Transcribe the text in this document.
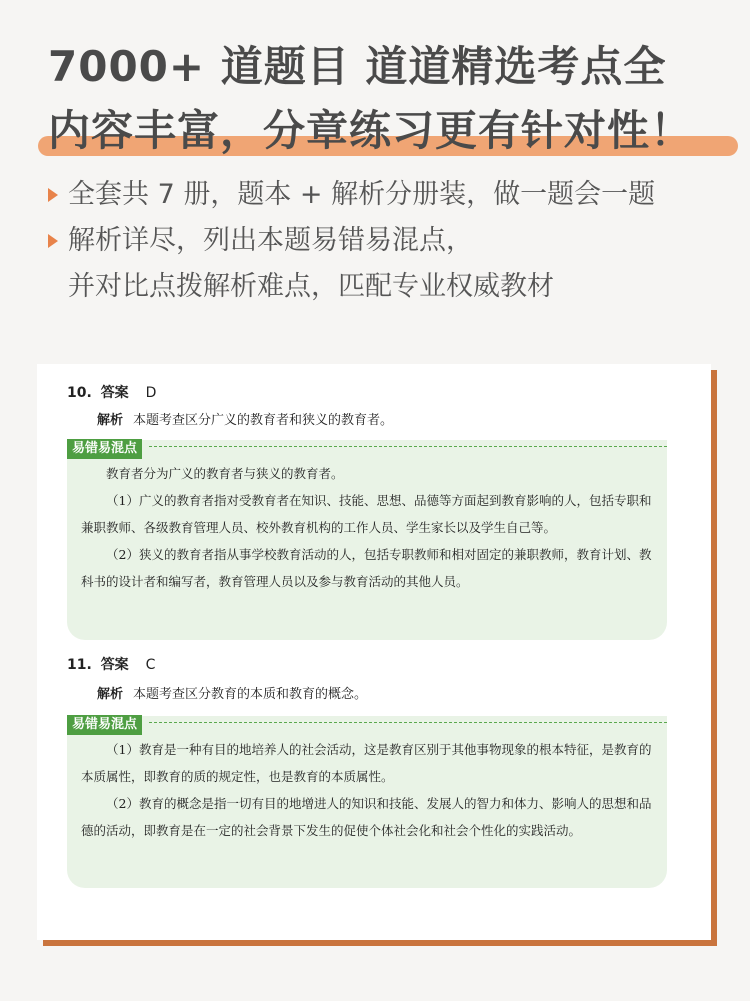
7000+ 道题目 道道精选考点全
内容丰富，分章练习更有针对性！
全套共 7 册，题本 + 解析分册装，做一题会一题
解析详尽，列出本题易错易混点，
并对比点拨解析难点，匹配专业权威教材
10. 答案 D
解析 本题考查区分广义的教育者和狭义的教育者。
易错易混点

教育者分为广义的教育者与狭义的教育者。

（1）广义的教育者指对受教育者在知识、技能、思想、品德等方面起到教育影响的人，包括专职和兼职教师、各级教育管理人员、校外教育机构的工作人员、学生家长以及学生自己等。

（2）狭义的教育者指从事学校教育活动的人，包括专职教师和相对固定的兼职教师，教育计划、教科书的设计者和编写者，教育管理人员以及参与教育活动的其他人员。

11. 答案 C
解析 本题考查区分教育的本质和教育的概念。
易错易混点

（1）教育是一种有目的地培养人的社会活动，这是教育区别于其他事物现象的根本特征，是教育的本质属性，即教育的质的规定性，也是教育的本质属性。

（2）教育的概念是指一切有目的地增进人的知识和技能、发展人的智力和体力、影响人的思想和品德的活动，即教育是在一定的社会背景下发生的促使个体社会化和社会个性化的实践活动。
